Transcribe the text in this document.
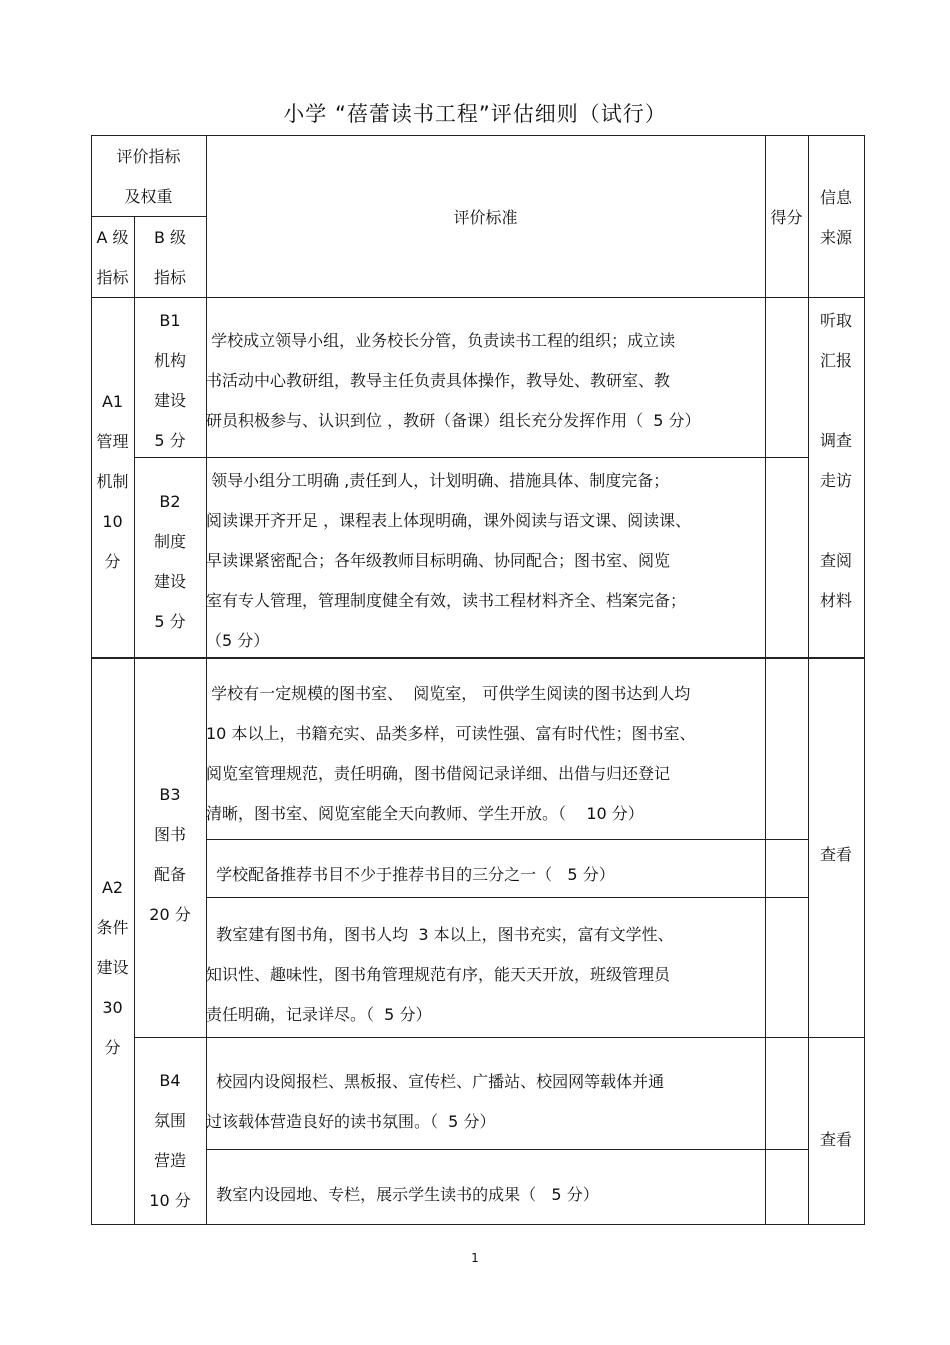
小学 “蓓蕾读书工程”评估细则（试行）
评价指标
及权重
A 级
指标
B 级
指标
评价标准	得分
信息
来源
A1
管理
机制
10
分
B1
机构
建设
5 分
学校成立领导小组，业务校长分管，负责读书工程的组织；成立读
书活动中心教研组，教导主任负责具体操作，教导处、教研室、教
研员积极参与、认识到位 ，教研（备课）组长充分发挥作用（  5 分）
B2
制度
建设
5 分
领导小组分工明确 ,责任到人，计划明确、措施具体、制度完备；
阅读课开齐开足 ，课程表上体现明确，课外阅读与语文课、阅读课、
早读课紧密配合；各年级教师目标明确、协同配合；图书室、阅览
室有专人管理，管理制度健全有效，读书工程材料齐全、档案完备；
（5 分）
听取
汇报
调查
走访
查阅
材料
A2
条件
建设
30
分
B3
图书
配备
20 分
学校有一定规模的图书室、  阅览室， 可供学生阅读的图书达到人均
10 本以上，书籍充实、品类多样，可读性强、富有时代性；图书室、
阅览室管理规范，责任明确，图书借阅记录详细、出借与归还登记
清晰，图书室、阅览室能全天向教师、学生开放。（    10 分）
学校配备推荐书目不少于推荐书目的三分之一（   5 分）
教室建有图书角，图书人均  3 本以上，图书充实，富有文学性、
知识性、趣味性，图书角管理规范有序，能天天开放，班级管理员
责任明确，记录详尽。（  5 分）
查看
B4
氛围
营造
10 分
校园内设阅报栏、黑板报、宣传栏、广播站、校园网等载体并通
过该载体营造良好的读书氛围。（  5 分）
教室内设园地、专栏，展示学生读书的成果（   5 分）
查看
1
